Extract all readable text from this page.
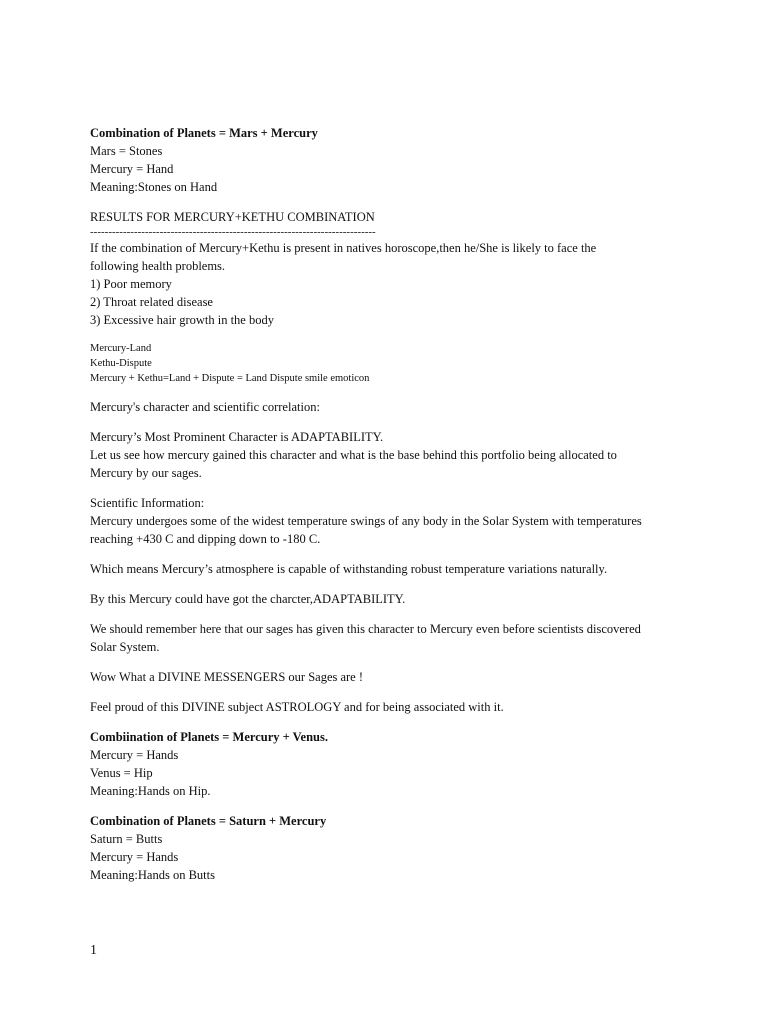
Combination of Planets = Mars + Mercury
Mars = Stones
Mercury = Hand
Meaning:Stones on Hand
RESULTS FOR MERCURY+KETHU COMBINATION
------------------------------------------------------------------------------
If the combination of Mercury+Kethu is present in natives horoscope,then he/She is likely to face the
following health problems.
1) Poor memory
2) Throat related disease
3) Excessive hair growth in the body
Mercury-Land
Kethu-Dispute
Mercury + Kethu=Land + Dispute = Land Dispute smile emoticon
Mercury's character and scientific correlation:
Mercury’s Most Prominent Character is ADAPTABILITY.
Let us see how mercury gained this character and what is the base behind this portfolio being allocated to
Mercury by our sages.
Scientific Information:
Mercury undergoes some of the widest temperature swings of any body in the Solar System with temperatures
reaching +430 C and dipping down to -180 C.
Which means Mercury’s atmosphere is capable of withstanding robust temperature variations naturally.
By this Mercury could have got the charcter,ADAPTABILITY.
We should remember here that our sages has given this character to Mercury even before scientists discovered
Solar System.
Wow What a DIVINE MESSENGERS our Sages are !
Feel proud of this DIVINE subject ASTROLOGY and for being associated with it.
Combiination of Planets = Mercury + Venus.
Mercury = Hands
Venus = Hip
Meaning:Hands on Hip.
Combination of Planets = Saturn + Mercury
Saturn = Butts
Mercury = Hands
Meaning:Hands on Butts
1
